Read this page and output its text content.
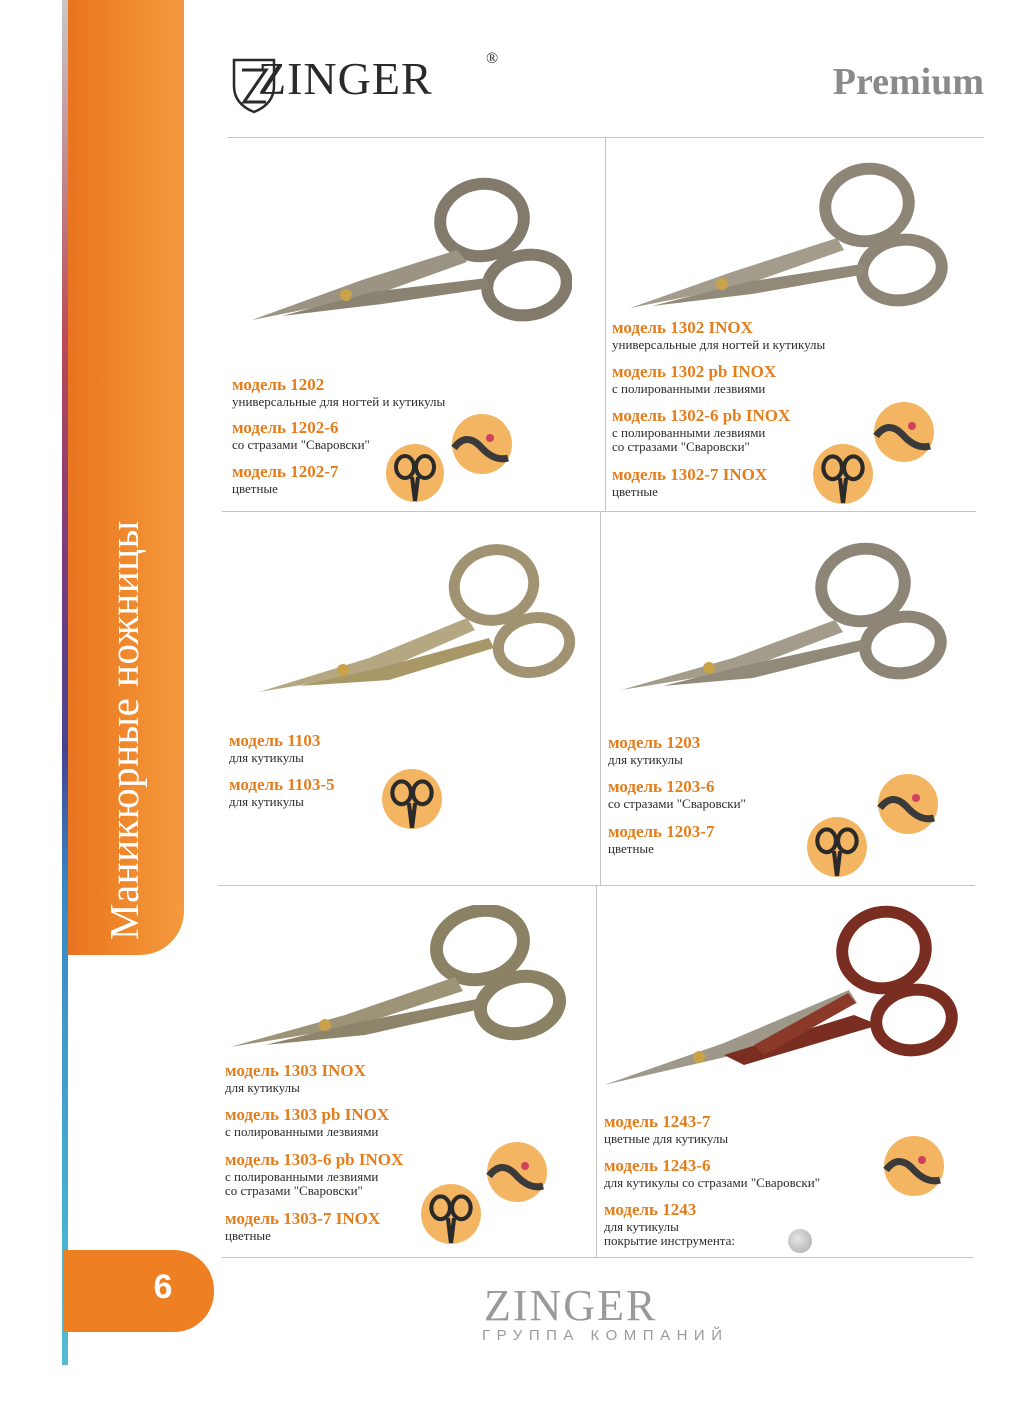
Маникюрные ножницы
6
ZINGER	®
Premium
модель 1202
универсальные для ногтей и кутикулы
модель 1202-6
со стразами "Сваровски"
модель 1202-7
цветные
модель 1302 INOX
универсальные для ногтей и кутикулы
модель 1302 pb INOX
с полированными лезвиями
модель 1302-6 pb INOX
с полированными лезвиями
со стразами "Сваровски"
модель 1302-7 INOX
цветные
модель 1103
для кутикулы
модель 1103-5
для кутикулы
модель 1203
для кутикулы
модель 1203-6
со стразами "Сваровски"
модель 1203-7
цветные
модель 1303 INOX
для кутикулы
модель 1303 pb INOX
с полированными лезвиями
модель 1303-6 pb INOX
с полированными лезвиями
со стразами "Сваровски"
модель 1303-7 INOX
цветные
модель 1243-7
цветные для кутикулы
модель 1243-6
для кутикулы со стразами "Сваровски"
модель 1243
для кутикулы
покрытие инструмента:
ZINGER
ГРУППА КОМПАНИЙ
